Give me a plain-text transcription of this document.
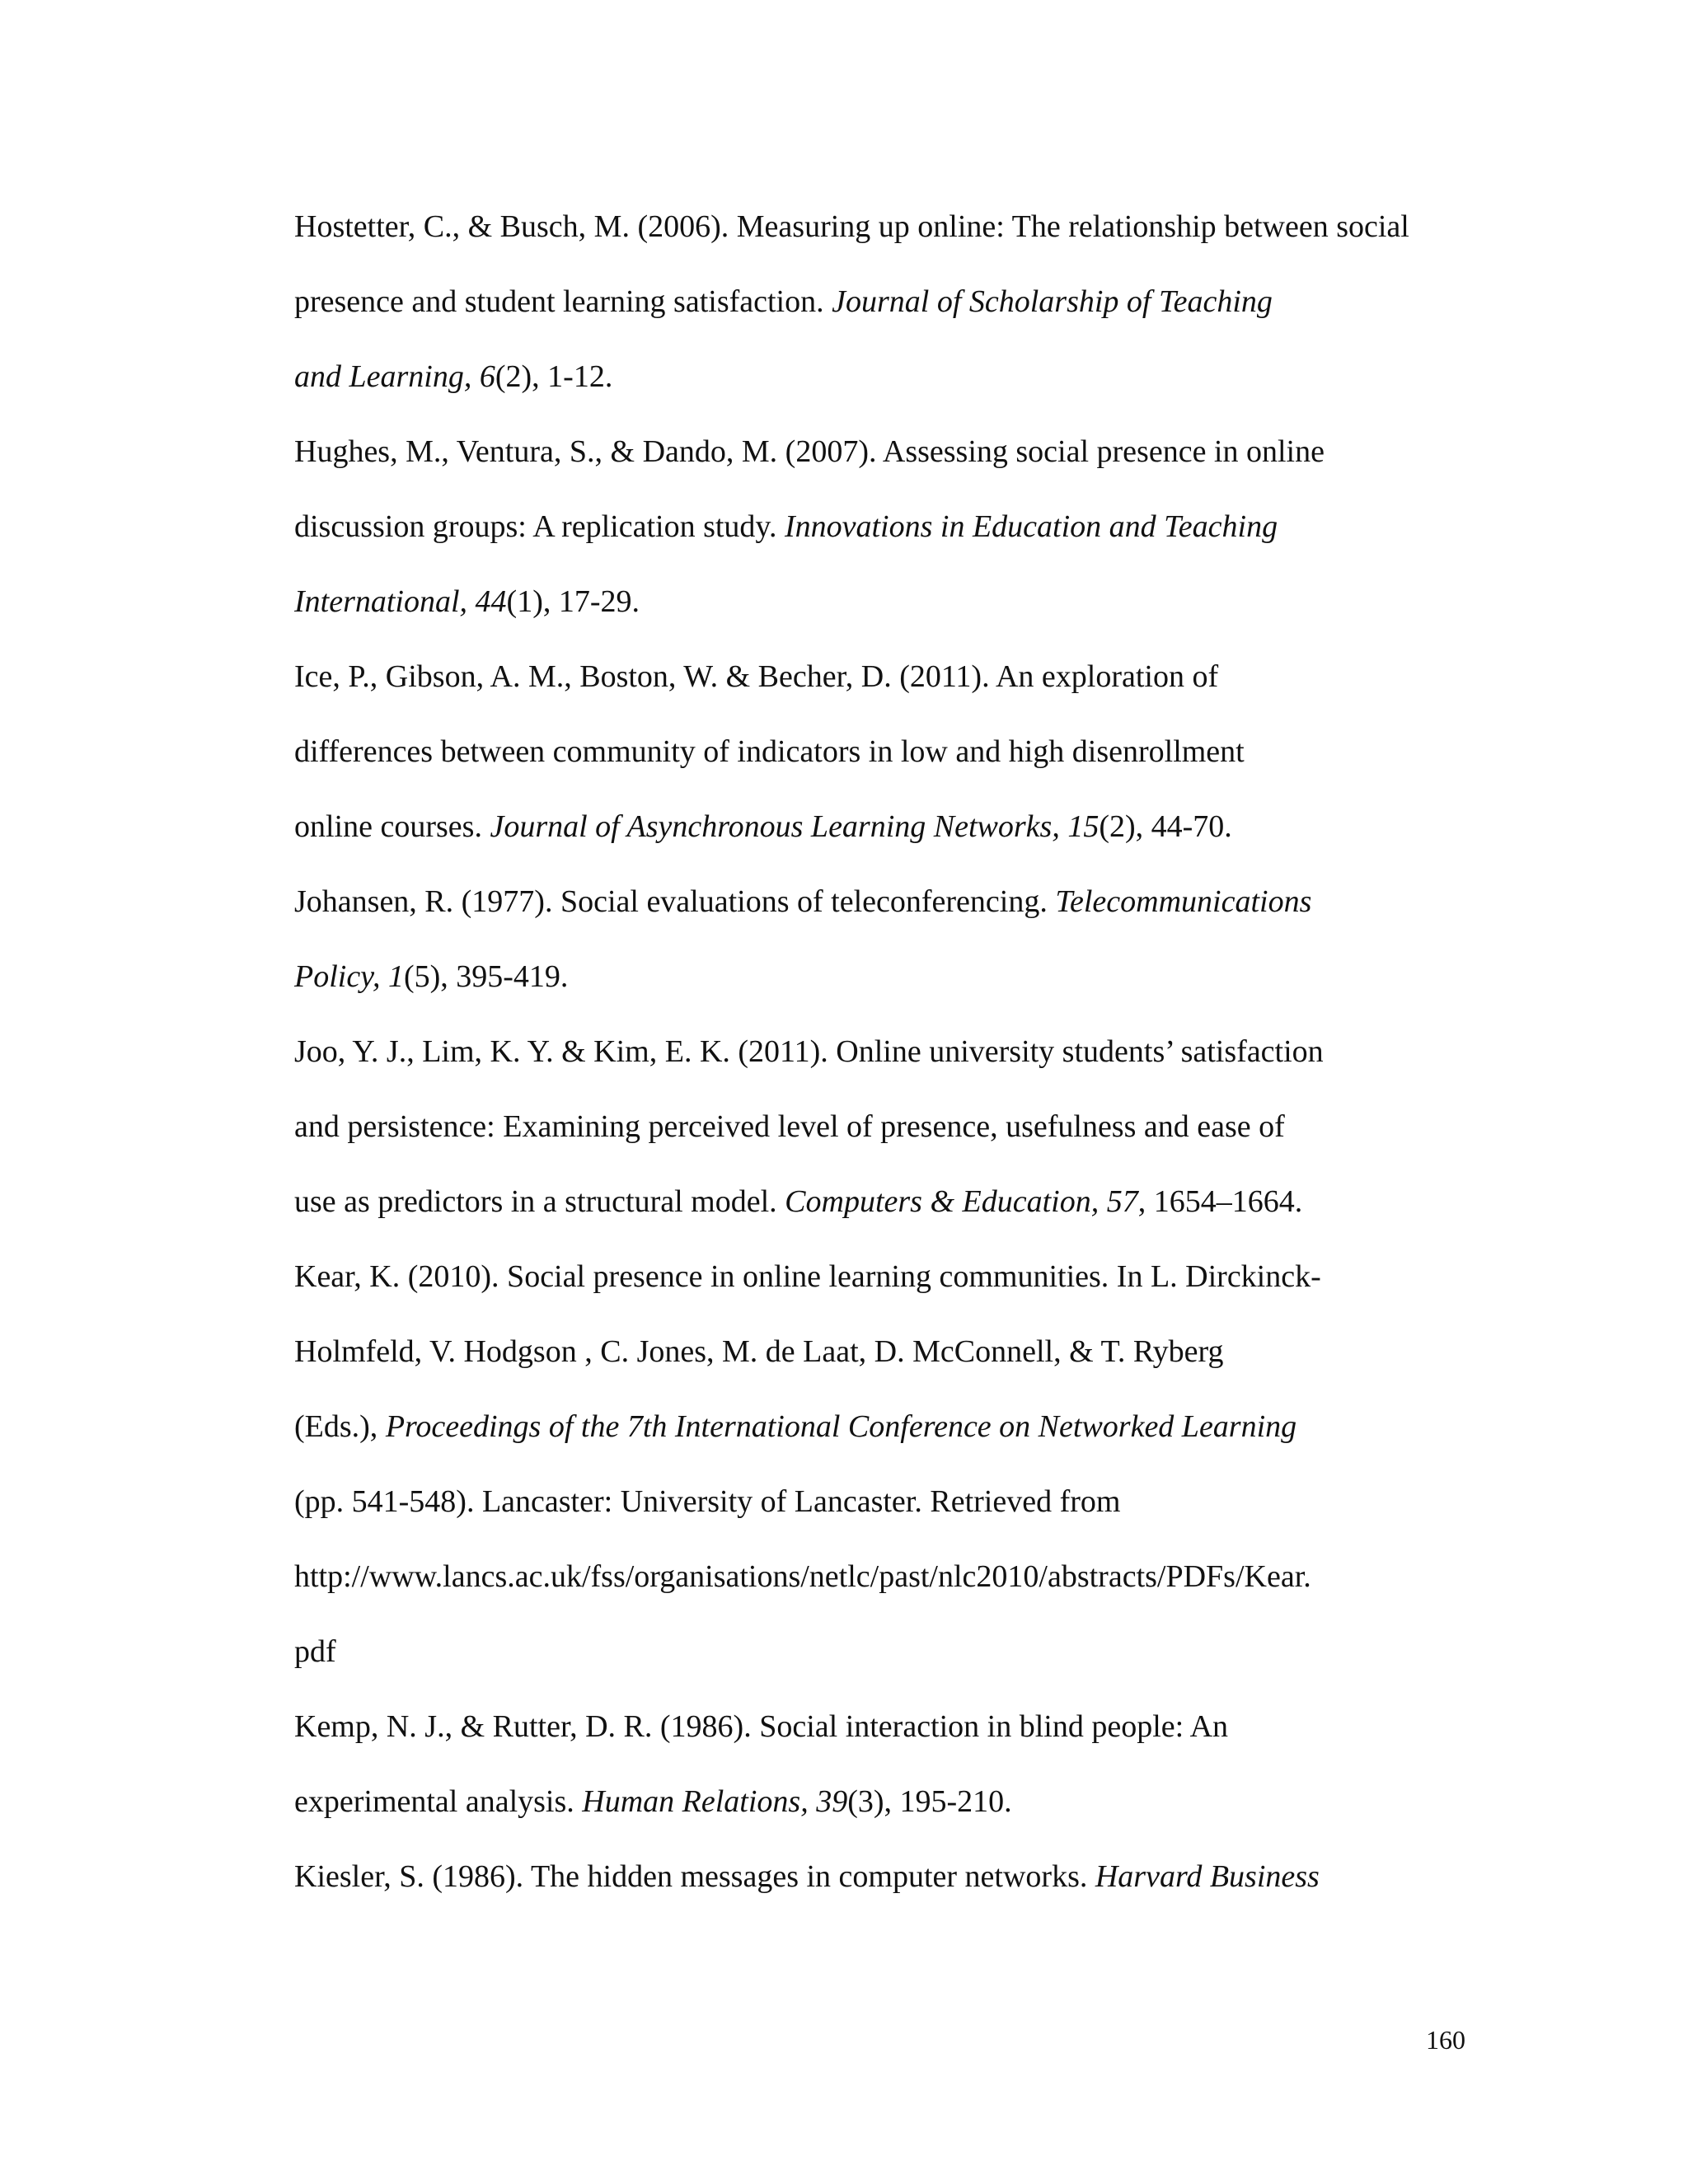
Hostetter, C., & Busch, M. (2006). Measuring up online: The relationship between social
presence and student learning satisfaction. Journal of Scholarship of Teaching
and Learning, 6(2), 1-12.

Hughes, M., Ventura, S., & Dando, M. (2007). Assessing social presence in online
discussion groups: A replication study. Innovations in Education and Teaching
International, 44(1), 17-29.

Ice, P., Gibson, A. M., Boston, W. & Becher, D. (2011). An exploration of
differences between community of indicators in low and high disenrollment
online courses. Journal of Asynchronous Learning Networks, 15(2), 44-70.

Johansen, R. (1977). Social evaluations of teleconferencing. Telecommunications
Policy, 1(5), 395-419.

Joo, Y. J., Lim, K. Y. & Kim, E. K. (2011). Online university students’ satisfaction
and persistence: Examining perceived level of presence, usefulness and ease of
use as predictors in a structural model. Computers & Education, 57, 1654–1664.

Kear, K. (2010). Social presence in online learning communities. In L. Dirckinck-
Holmfeld, V. Hodgson , C. Jones, M. de Laat, D. McConnell, & T. Ryberg
(Eds.), Proceedings of the 7th International Conference on Networked Learning
(pp. 541-548). Lancaster: University of Lancaster. Retrieved from
http://www.lancs.ac.uk/fss/organisations/netlc/past/nlc2010/abstracts/PDFs/Kear.
pdf

Kemp, N. J., & Rutter, D. R. (1986). Social interaction in blind people: An
experimental analysis. Human Relations, 39(3), 195-210.

Kiesler, S. (1986). The hidden messages in computer networks. Harvard Business

160
